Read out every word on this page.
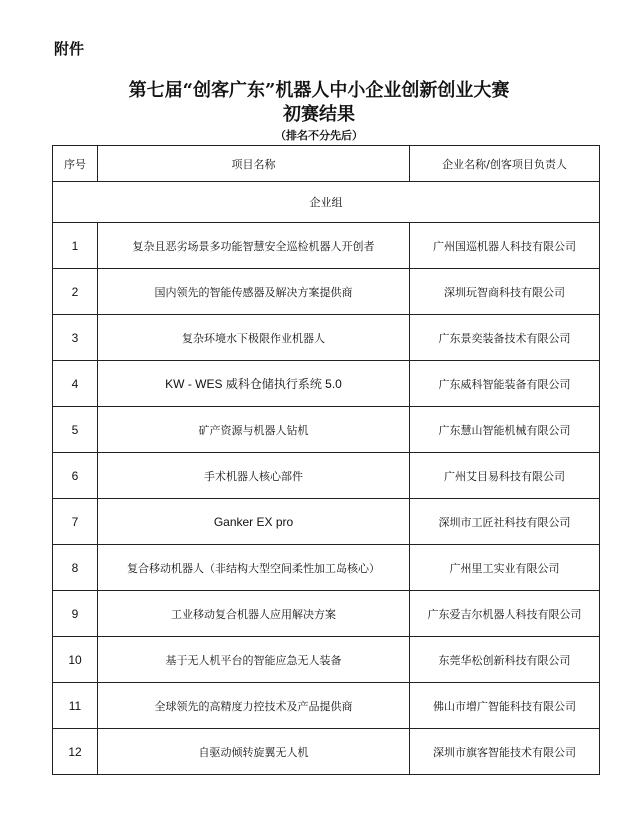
附件
第七届“创客广东”机器人中小企业创新创业大赛
初赛结果
（排名不分先后）
序号	项目名称	企业名称/创客项目负责人
企业组		
1	复杂且恶劣场景多功能智慧安全巡检机器人开创者	广州国巡机器人科技有限公司
2	国内领先的智能传感器及解决方案提供商	深圳玩智商科技有限公司
3	复杂环境水下极限作业机器人	广东景奕装备技术有限公司
4	KW - WES 威科仓储执行系统 5.0	广东威科智能装备有限公司
5	矿产资源与机器人钻机	广东慧山智能机械有限公司
6	手术机器人核心部件	广州艾目易科技有限公司
7	Ganker EX pro	深圳市工匠社科技有限公司
8	复合移动机器人（非结构大型空间柔性加工岛核心）	广州里工实业有限公司
9	工业移动复合机器人应用解决方案	广东爱吉尔机器人科技有限公司
10	基于无人机平台的智能应急无人装备	东莞华松创新科技有限公司
11	全球领先的高精度力控技术及产品提供商	佛山市增广智能科技有限公司
12	自驱动倾转旋翼无人机	深圳市旗客智能技术有限公司
